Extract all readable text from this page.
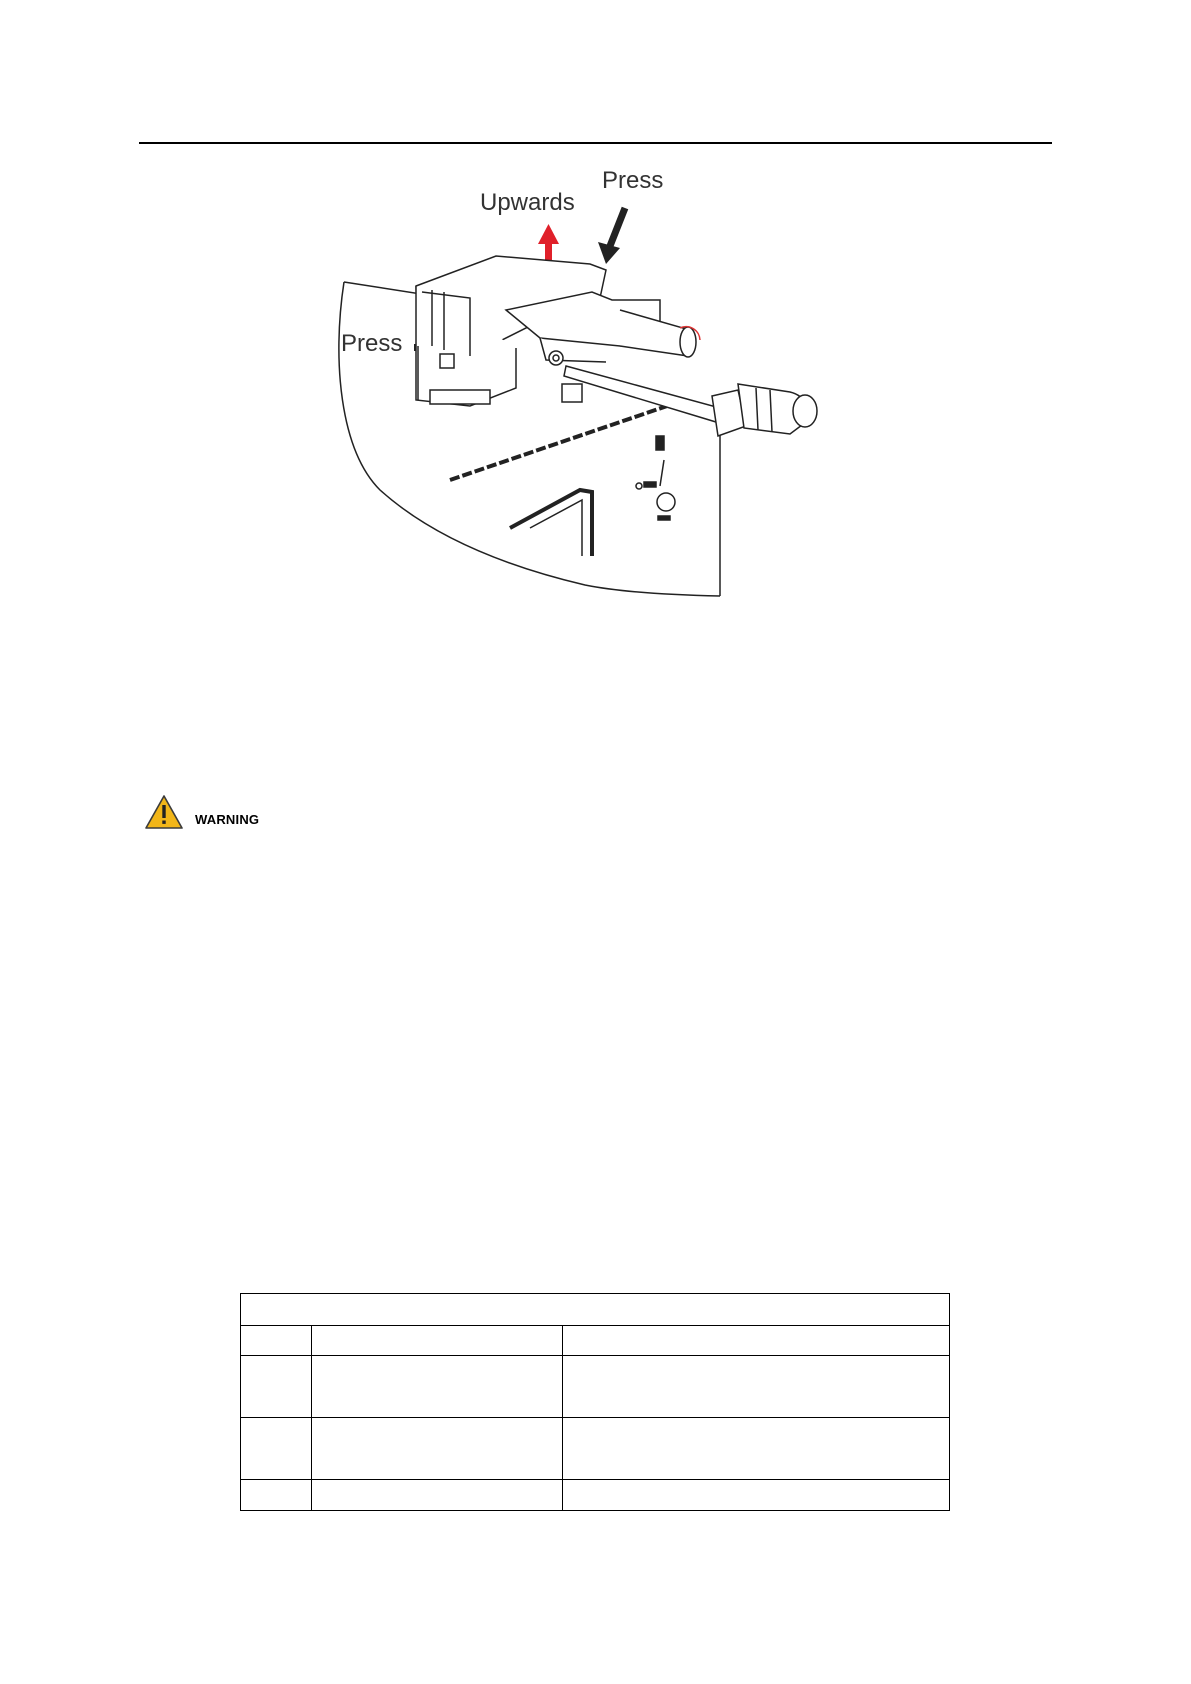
Upwards
Press
Press
WARNING
